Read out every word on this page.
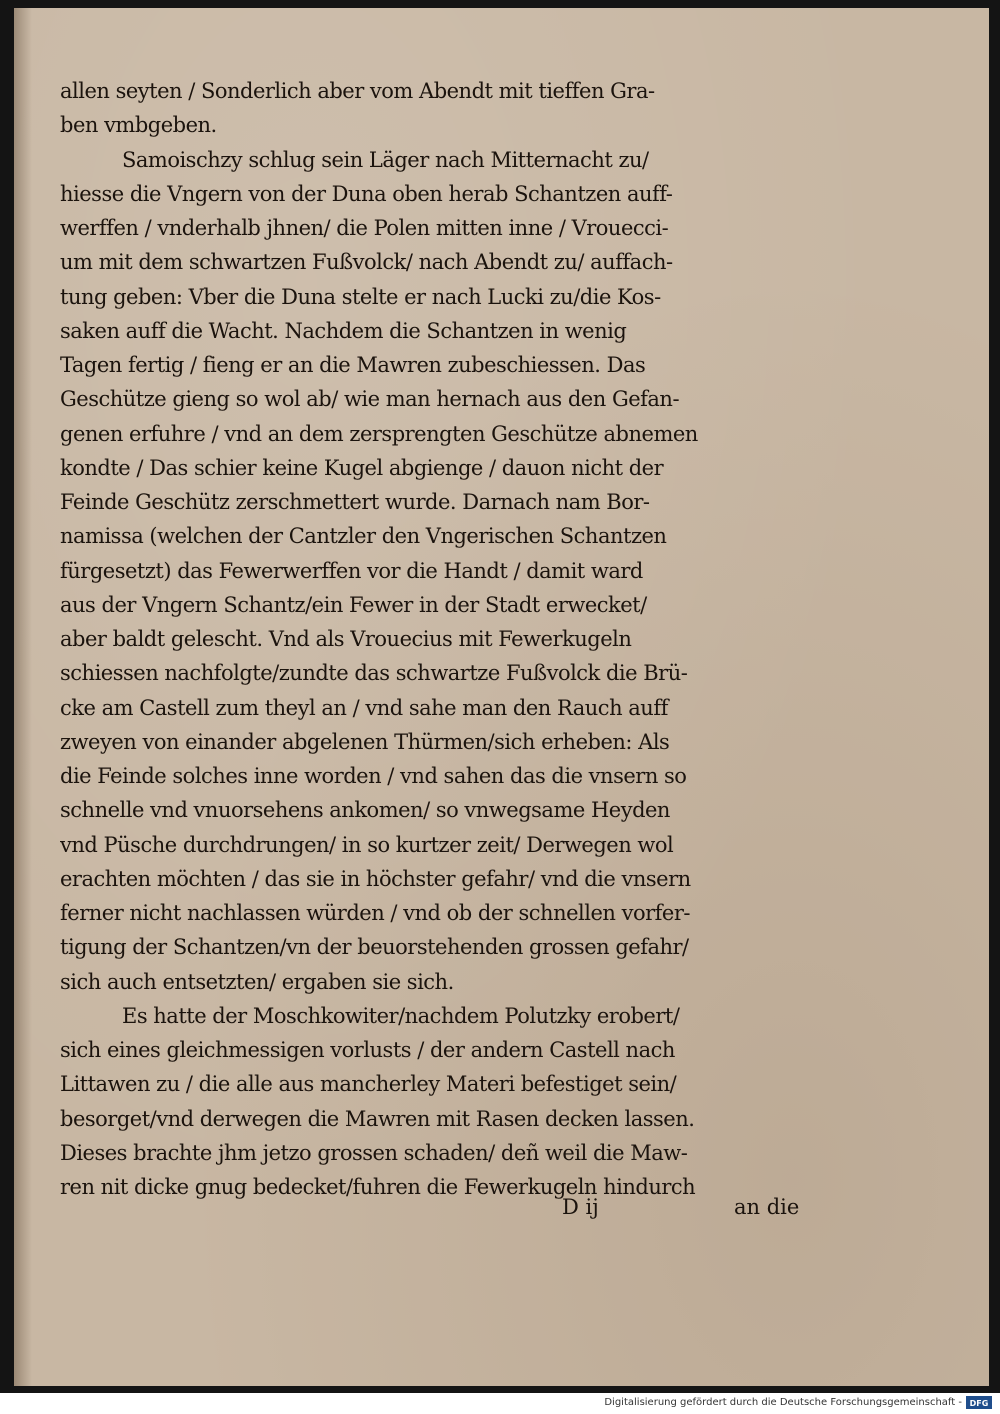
allen seyten / Sonderlich aber vom Abendt mit tieffen Gra-
ben vmbgeben.
Samoischzy schlug sein Läger nach Mitternacht zu/
hiesse die Vngern von der Duna oben herab Schantzen auff-
werffen / vnderhalb jhnen/ die Polen mitten inne / Vrouecci-
um mit dem schwartzen Fußvolck/ nach Abendt zu/ auffach-
tung geben: Vber die Duna stelte er nach Lucki zu/die Kos-
saken auff die Wacht. Nachdem die Schantzen in wenig
Tagen fertig / fieng er an die Mawren zubeschiessen. Das
Geschütze gieng so wol ab/ wie man hernach aus den Gefan-
genen erfuhre / vnd an dem zersprengten Geschütze abnemen
kondte / Das schier keine Kugel abgienge / dauon nicht der
Feinde Geschütz zerschmettert wurde. Darnach nam Bor-
namissa (welchen der Cantzler den Vngerischen Schantzen
fürgesetzt) das Fewerwerffen vor die Handt / damit ward
aus der Vngern Schantz/ein Fewer in der Stadt erwecket/
aber baldt gelescht. Vnd als Vrouecius mit Fewerkugeln
schiessen nachfolgte/zundte das schwartze Fußvolck die Brü-
cke am Castell zum theyl an / vnd sahe man den Rauch auff
zweyen von einander abgelenen Thürmen/sich erheben: Als
die Feinde solches inne worden / vnd sahen das die vnsern so
schnelle vnd vnuorsehens ankomen/ so vnwegsame Heyden
vnd Püsche durchdrungen/ in so kurtzer zeit/ Derwegen wol
erachten möchten / das sie in höchster gefahr/ vnd die vnsern
ferner nicht nachlassen würden / vnd ob der schnellen vorfer-
tigung der Schantzen/vn der beuorstehenden grossen gefahr/
sich auch entsetzten/ ergaben sie sich.
Es hatte der Moschkowiter/nachdem Polutzky erobert/
sich eines gleichmessigen vorlusts / der andern Castell nach
Littawen zu / die alle aus mancherley Materi befestiget sein/
besorget/vnd derwegen die Mawren mit Rasen decken lassen.
Dieses brachte jhm jetzo grossen schaden/ deñ weil die Maw-
ren nit dicke gnug bedecket/fuhren die Fewerkugeln hindurch
D ij	an die
Digitalisierung gefördert durch die Deutsche Forschungsgemeinschaft - DFG
